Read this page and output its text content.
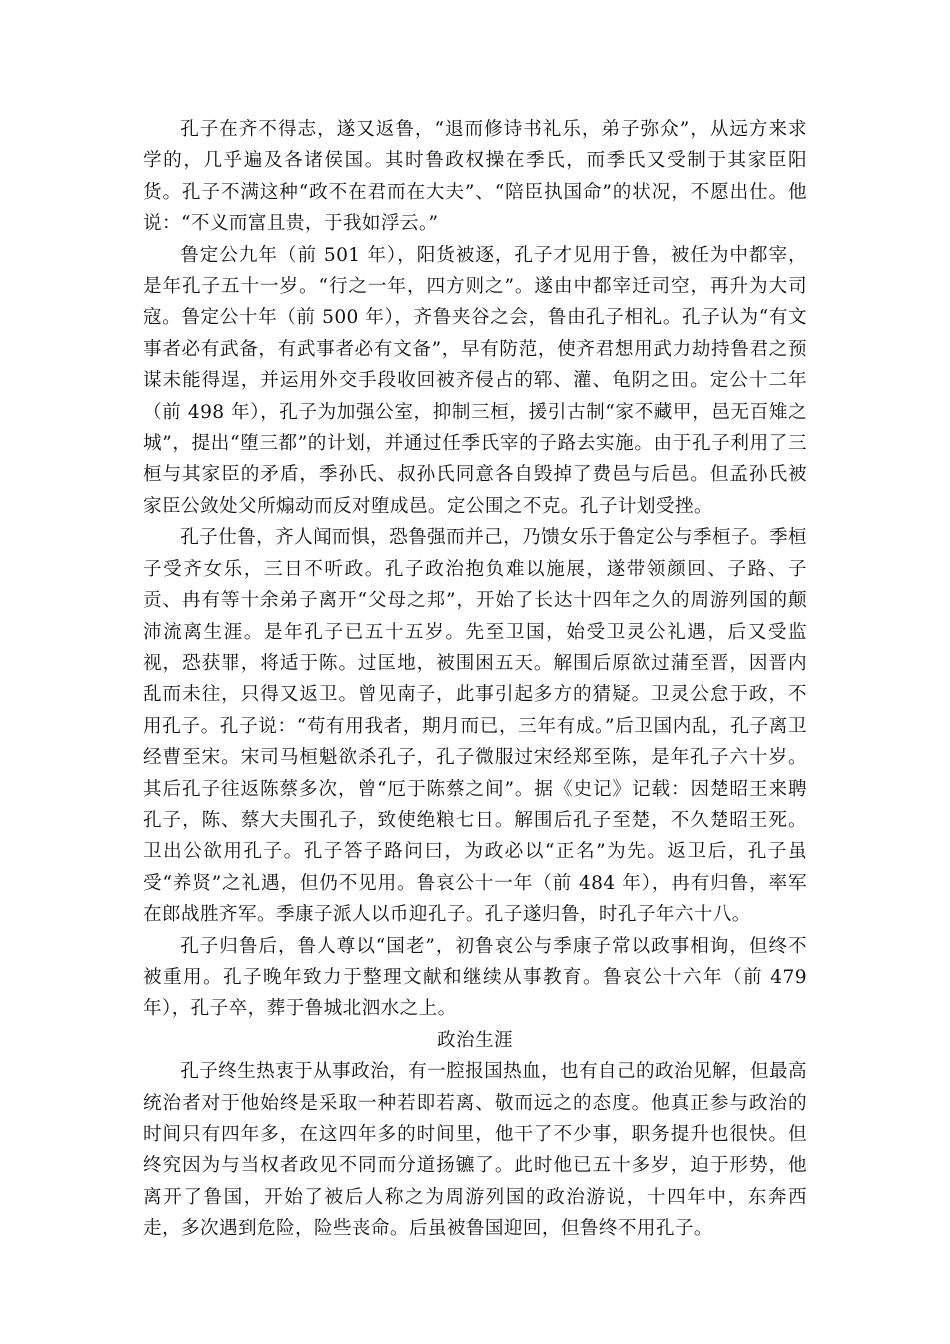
孔子在齐不得志，遂又返鲁，“退而修诗书礼乐，弟子弥众”，从远方来求学的，几乎遍及各诸侯国。其时鲁政权操在季氏，而季氏又受制于其家臣阳货。孔子不满这种“政不在君而在大夫”、“陪臣执国命”的状况，不愿出仕。他说：“不义而富且贵，于我如浮云。”

鲁定公九年（前 501 年），阳货被逐，孔子才见用于鲁，被任为中都宰，是年孔子五十一岁。“行之一年，四方则之”。遂由中都宰迁司空，再升为大司寇。鲁定公十年（前 500 年），齐鲁夹谷之会，鲁由孔子相礼。孔子认为“有文事者必有武备，有武事者必有文备”，早有防范，使齐君想用武力劫持鲁君之预谋未能得逞，并运用外交手段收回被齐侵占的郓、灌、龟阴之田。定公十二年（前 498 年），孔子为加强公室，抑制三桓，援引古制“家不藏甲，邑无百雉之城”，提出“堕三都”的计划，并通过任季氏宰的子路去实施。由于孔子利用了三桓与其家臣的矛盾，季孙氏、叔孙氏同意各自毁掉了费邑与后邑。但孟孙氏被家臣公敛处父所煽动而反对堕成邑。定公围之不克。孔子计划受挫。

孔子仕鲁，齐人闻而惧，恐鲁强而并己，乃馈女乐于鲁定公与季桓子。季桓子受齐女乐，三日不听政。孔子政治抱负难以施展，遂带领颜回、子路、子贡、冉有等十余弟子离开“父母之邦”，开始了长达十四年之久的周游列国的颠沛流离生涯。是年孔子已五十五岁。先至卫国，始受卫灵公礼遇，后又受监视，恐获罪，将适于陈。过匡地，被围困五天。解围后原欲过蒲至晋，因晋内乱而未往，只得又返卫。曾见南子，此事引起多方的猜疑。卫灵公怠于政，不用孔子。孔子说：“苟有用我者，期月而已，三年有成。”后卫国内乱，孔子离卫经曹至宋。宋司马桓魁欲杀孔子，孔子微服过宋经郑至陈，是年孔子六十岁。其后孔子往返陈蔡多次，曾“厄于陈蔡之间”。据《史记》记载：因楚昭王来聘孔子，陈、蔡大夫围孔子，致使绝粮七日。解围后孔子至楚，不久楚昭王死。卫出公欲用孔子。孔子答子路问曰，为政必以“正名”为先。返卫后，孔子虽受“养贤”之礼遇，但仍不见用。鲁哀公十一年（前 484 年），冉有归鲁，率军在郎战胜齐军。季康子派人以币迎孔子。孔子遂归鲁，时孔子年六十八。

孔子归鲁后，鲁人尊以“国老”，初鲁哀公与季康子常以政事相询，但终不被重用。孔子晚年致力于整理文献和继续从事教育。鲁哀公十六年（前 479 年），孔子卒，葬于鲁城北泗水之上。

政治生涯

孔子终生热衷于从事政治，有一腔报国热血，也有自己的政治见解，但最高统治者对于他始终是采取一种若即若离、敬而远之的态度。他真正参与政治的时间只有四年多，在这四年多的时间里，他干了不少事，职务提升也很快。但终究因为与当权者政见不同而分道扬镳了。此时他已五十多岁，迫于形势，他离开了鲁国，开始了被后人称之为周游列国的政治游说，十四年中，东奔西走，多次遇到危险，险些丧命。后虽被鲁国迎回，但鲁终不用孔子。
